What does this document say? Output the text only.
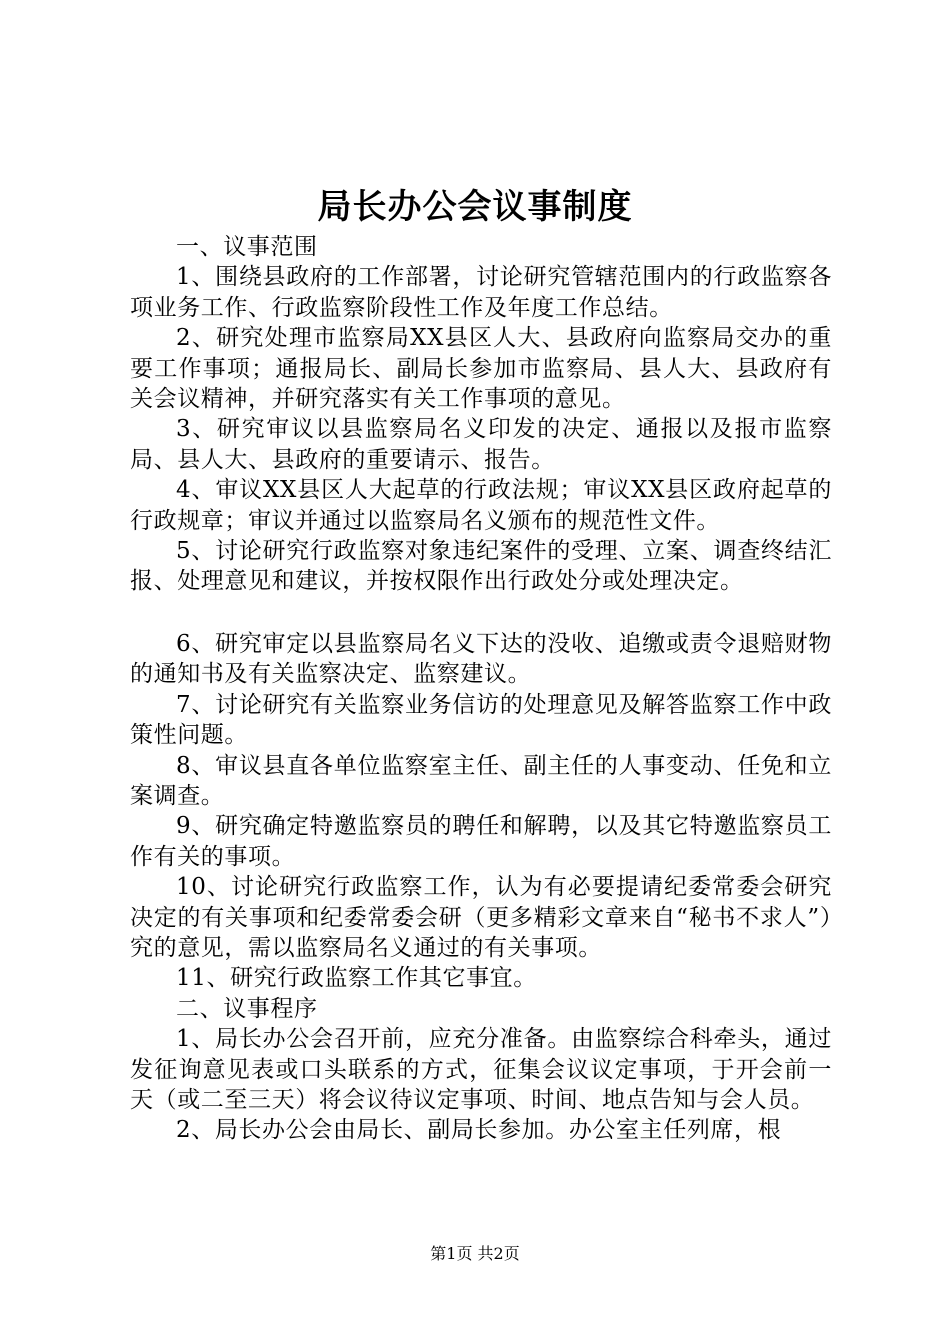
局长办公会议事制度

一、议事范围

1、围绕县政府的工作部署，讨论研究管辖范围内的行政监察各项业务工作、行政监察阶段性工作及年度工作总结。

2、研究处理市监察局XX县区人大、县政府向监察局交办的重要工作事项；通报局长、副局长参加市监察局、县人大、县政府有关会议精神，并研究落实有关工作事项的意见。

3、研究审议以县监察局名义印发的决定、通报以及报市监察局、县人大、县政府的重要请示、报告。

4、审议XX县区人大起草的行政法规；审议XX县区政府起草的行政规章；审议并通过以监察局名义颁布的规范性文件。

5、讨论研究行政监察对象违纪案件的受理、立案、调查终结汇报、处理意见和建议，并按权限作出行政处分或处理决定。

6、研究审定以县监察局名义下达的没收、追缴或责令退赔财物的通知书及有关监察决定、监察建议。

7、讨论研究有关监察业务信访的处理意见及解答监察工作中政策性问题。

8、审议县直各单位监察室主任、副主任的人事变动、任免和立案调查。

9、研究确定特邀监察员的聘任和解聘，以及其它特邀监察员工作有关的事项。

10、讨论研究行政监察工作，认为有必要提请纪委常委会研究决定的有关事项和纪委常委会研（更多精彩文章来自“秘书不求人”）究的意见，需以监察局名义通过的有关事项。

11、研究行政监察工作其它事宜。

二、议事程序

1、局长办公会召开前，应充分准备。由监察综合科牵头，通过发征询意见表或口头联系的方式，征集会议议定事项，于开会前一天（或二至三天）将会议待议定事项、时间、地点告知与会人员。

2、局长办公会由局长、副局长参加。办公室主任列席，根

第1页 共2页
